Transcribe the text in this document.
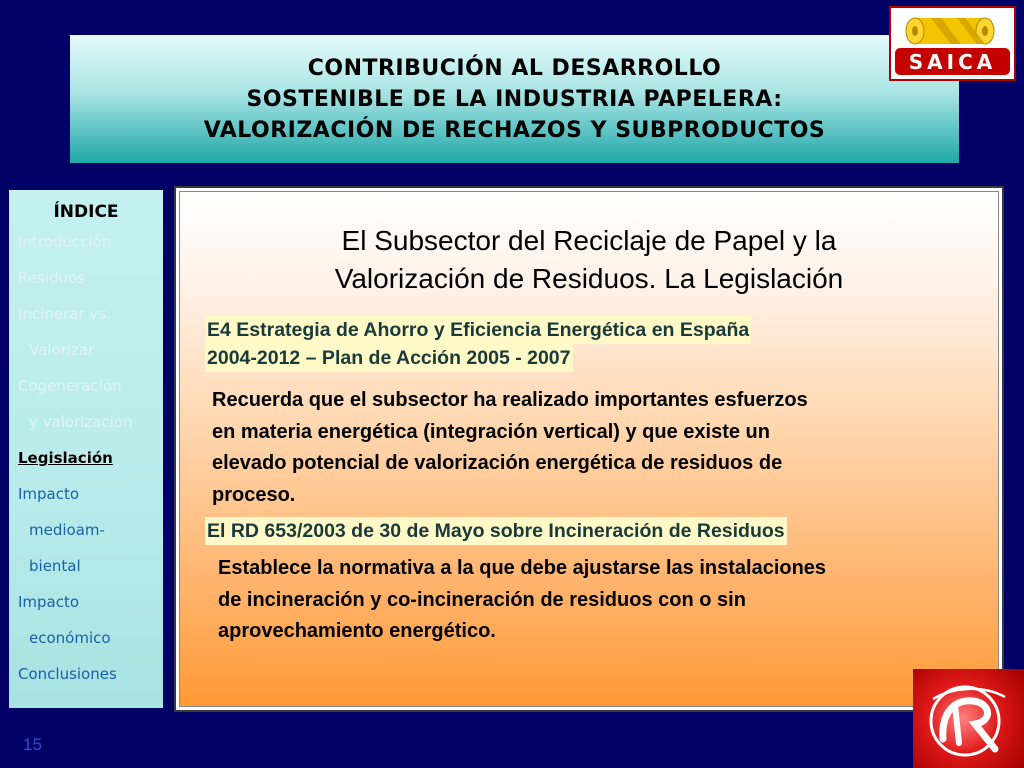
CONTRIBUCIÓN AL DESARROLLO
SOSTENIBLE DE LA INDUSTRIA PAPELERA:
VALORIZACIÓN DE RECHAZOS Y SUBPRODUCTOS
SAICA
ÍNDICE
Introducción
Residuos
Incinerar vs.
Valorizar
Cogeneración
y valorización
Legislación
Impacto
medioam-
biental
Impacto
económico
Conclusiones
El Subsector del Reciclaje de Papel y la
Valorización de Residuos. La Legislación
E4 Estrategia de Ahorro y Eficiencia Energética en España
2004-2012 – Plan de Acción 2005 - 2007
Recuerda que el subsector ha realizado importantes esfuerzos
en materia energética (integración vertical) y que existe un
elevado potencial de valorización energética de residuos de
proceso.
El RD 653/2003 de 30 de Mayo sobre Incineración de Residuos
Establece la normativa a la que debe ajustarse las instalaciones
de incineración y co-incineración de residuos con o sin
aprovechamiento energético.
15
